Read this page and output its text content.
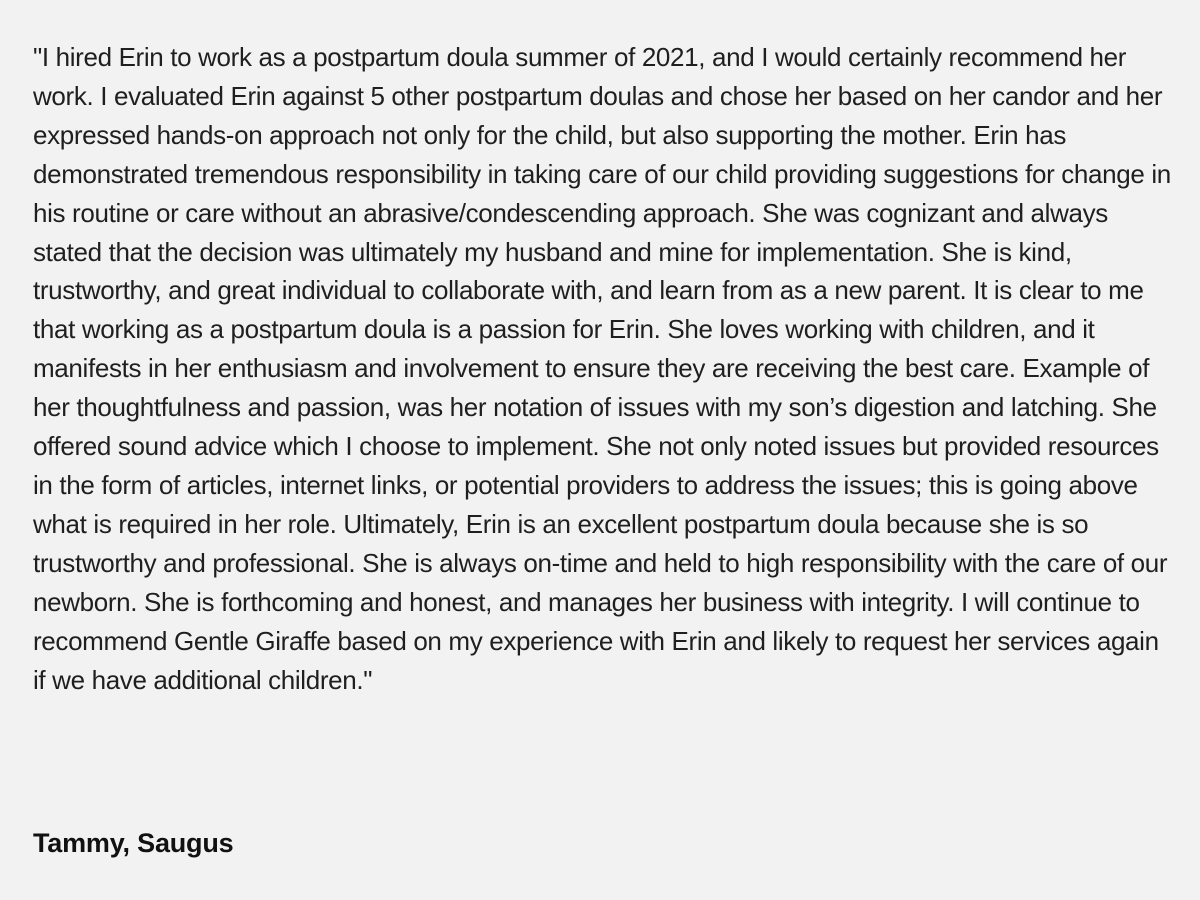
"I hired Erin to work as a postpartum doula summer of 2021, and I would certainly recommend her work. I evaluated Erin against 5 other postpartum doulas and chose her based on her candor and her expressed hands-on approach not only for the child, but also supporting the mother. Erin has demonstrated tremendous responsibility in taking care of our child providing suggestions for change in his routine or care without an abrasive/condescending approach. She was cognizant and always stated that the decision was ultimately my husband and mine for implementation. She is kind, trustworthy, and great individual to collaborate with, and learn from as a new parent. It is clear to me that working as a postpartum doula is a passion for Erin. She loves working with children, and it manifests in her enthusiasm and involvement to ensure they are receiving the best care. Example of her thoughtfulness and passion, was her notation of issues with my son’s digestion and latching. She offered sound advice which I choose to implement. She not only noted issues but provided resources in the form of articles, internet links, or potential providers to address the issues; this is going above what is required in her role. Ultimately, Erin is an excellent postpartum doula because she is so trustworthy and professional. She is always on-time and held to high responsibility with the care of our newborn. She is forthcoming and honest, and manages her business with integrity. I will continue to recommend Gentle Giraffe based on my experience with Erin and likely to request her services again if we have additional children."

Tammy, Saugus
